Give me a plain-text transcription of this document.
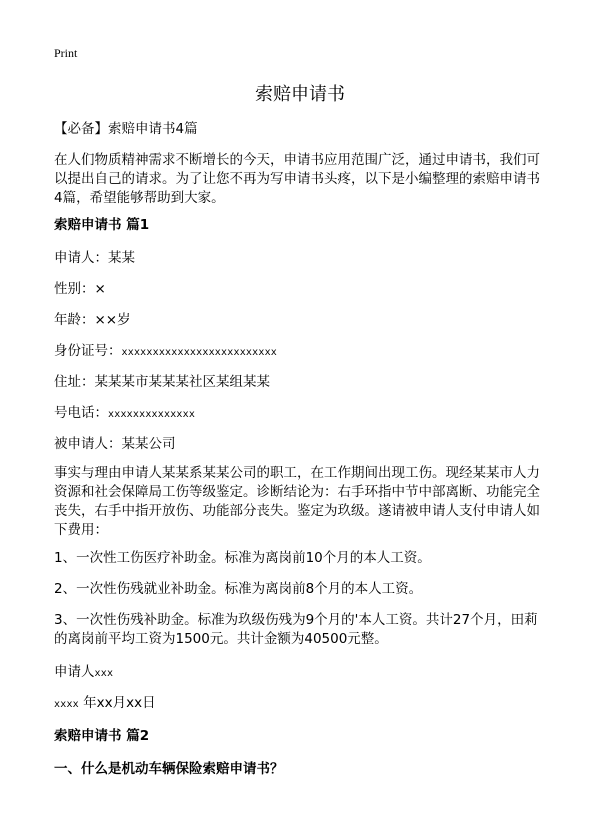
Print
索赔申请书
【必备】索赔申请书4篇
在人们物质精神需求不断增长的今天，申请书应用范围广泛，通过申请书，我们可
以提出自己的请求。为了让您不再为写申请书头疼，以下是小编整理的索赔申请书
4篇，希望能够帮助到大家。
索赔申请书 篇1
申请人：某某
性别：×
年龄：××岁
身份证号：xxxxxxxxxxxxxxxxxxxxxxxxx
住址：某某某市某某某社区某组某某
号电话：xxxxxxxxxxxxxx
被申请人：某某公司
事实与理由申请人某某系某某公司的职工，在工作期间出现工伤。现经某某市人力
资源和社会保障局工伤等级鉴定。诊断结论为：右手环指中节中部离断、功能完全
丧失，右手中指开放伤、功能部分丧失。鉴定为玖级。遂请被申请人支付申请人如
下费用：
1、一次性工伤医疗补助金。标准为离岗前10个月的本人工资。
2、一次性伤残就业补助金。标准为离岗前8个月的本人工资。
3、一次性伤残补助金。标准为玖级伤残为9个月的'本人工资。共计27个月，田莉
的离岗前平均工资为1500元。共计金额为40500元整。
申请人xxx
xxxx 年xx月xx日
索赔申请书 篇2
一、什么是机动车辆保险索赔申请书？
